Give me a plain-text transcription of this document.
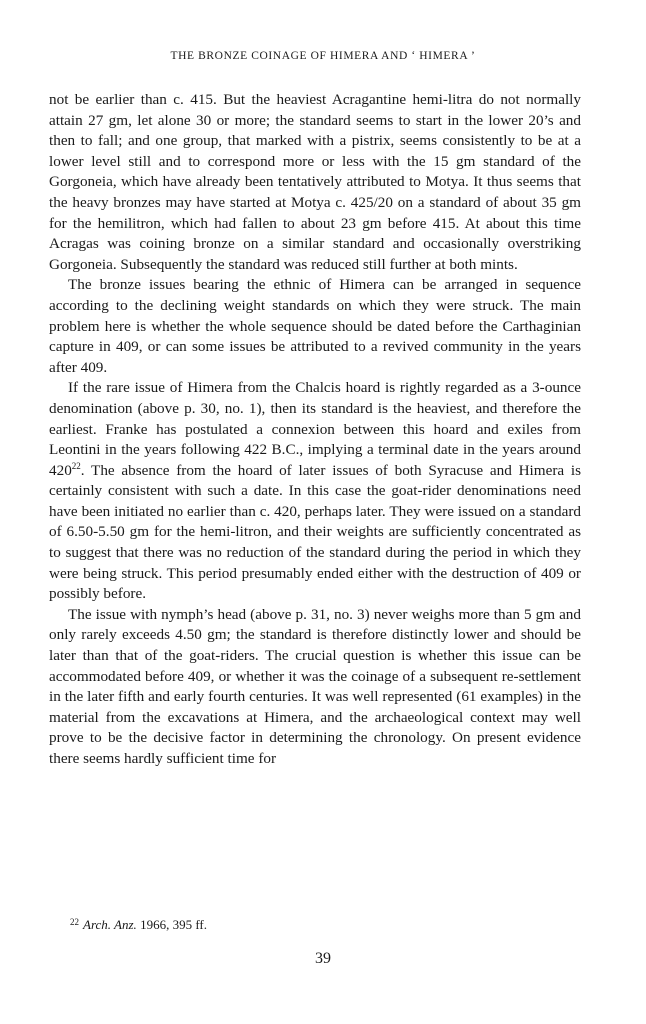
THE BRONZE COINAGE OF HIMERA AND ‘ HIMERA ’

not be earlier than c. 415. But the heaviest Acragantine hemi-litra do not normally attain 27 gm, let alone 30 or more; the standard seems to start in the lower 20’s and then to fall; and one group, that marked with a pistrix, seems consistently to be at a lower level still and to correspond more or less with the 15 gm standard of the Gorgoneia, which have already been tentatively attributed to Motya. It thus seems that the heavy bronzes may have started at Motya c. 425/20 on a standard of about 35 gm for the hemilitron, which had fallen to about 23 gm before 415. At about this time Acragas was coining bronze on a similar standard and occasionally overstriking Gorgoneia. Subsequently the standard was reduced still further at both mints.

The bronze issues bearing the ethnic of Himera can be arranged in sequence according to the declining weight standards on which they were struck. The main problem here is whether the whole sequence should be dated before the Carthaginian capture in 409, or can some issues be attributed to a revived community in the years after 409.

If the rare issue of Himera from the Chalcis hoard is rightly regarded as a 3-ounce denomination (above p. 30, no. 1), then its standard is the heaviest, and therefore the earliest. Franke has postulated a connexion between this hoard and exiles from Leontini in the years following 422 B.C., implying a terminal date in the years around 420$^{22}$. The absence from the hoard of later issues of both Syracuse and Himera is certainly consistent with such a date. In this case the goat-rider denominations need have been initiated no earlier than c. 420, perhaps later. They were issued on a standard of 6.50-5.50 gm for the hemi-litron, and their weights are sufficiently concentrated as to suggest that there was no reduction of the standard during the period in which they were being struck. This period presumably ended either with the destruction of 409 or possibly before.

The issue with nymph’s head (above p. 31, no. 3) never weighs more than 5 gm and only rarely exceeds 4.50 gm; the standard is therefore distinctly lower and should be later than that of the goat-riders. The crucial question is whether this issue can be accommodated before 409, or whether it was the coinage of a subsequent re-settlement in the later fifth and early fourth centuries. It was well represented (61 examples) in the material from the excavations at Himera, and the archaeological context may well prove to be the decisive factor in determining the chronology. On present evidence there seems hardly sufficient time for

$^{22}$ Arch. Anz. 1966, 395 ff.
39
